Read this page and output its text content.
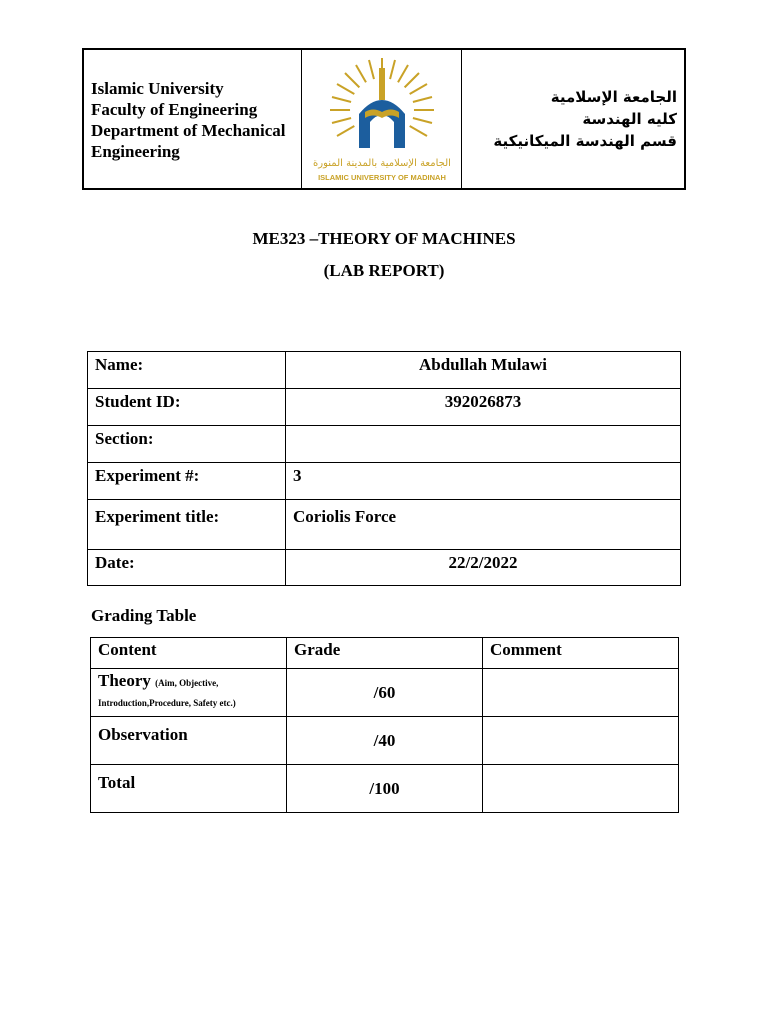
Islamic University
Faculty of Engineering
Department of Mechanical
Engineering
الجامعة الإسلامية بالمدينة المنورة
ISLAMIC UNIVERSITY OF MADINAH
الجامعة الإسلامية
كليه الهندسة
قسم الهندسة الميكانيكية
ME323 –THEORY OF MACHINES
(LAB REPORT)
Name:	Abdullah Mulawi
Student ID:	392026873
Section:	
Experiment #:	3
Experiment title:	Coriolis Force
Date:	22/2/2022
Grading Table
Content	Grade	Comment
Theory (Aim, Objective,
Introduction,Procedure, Safety etc.)	/60	
Observation	/40	
Total	/100	
